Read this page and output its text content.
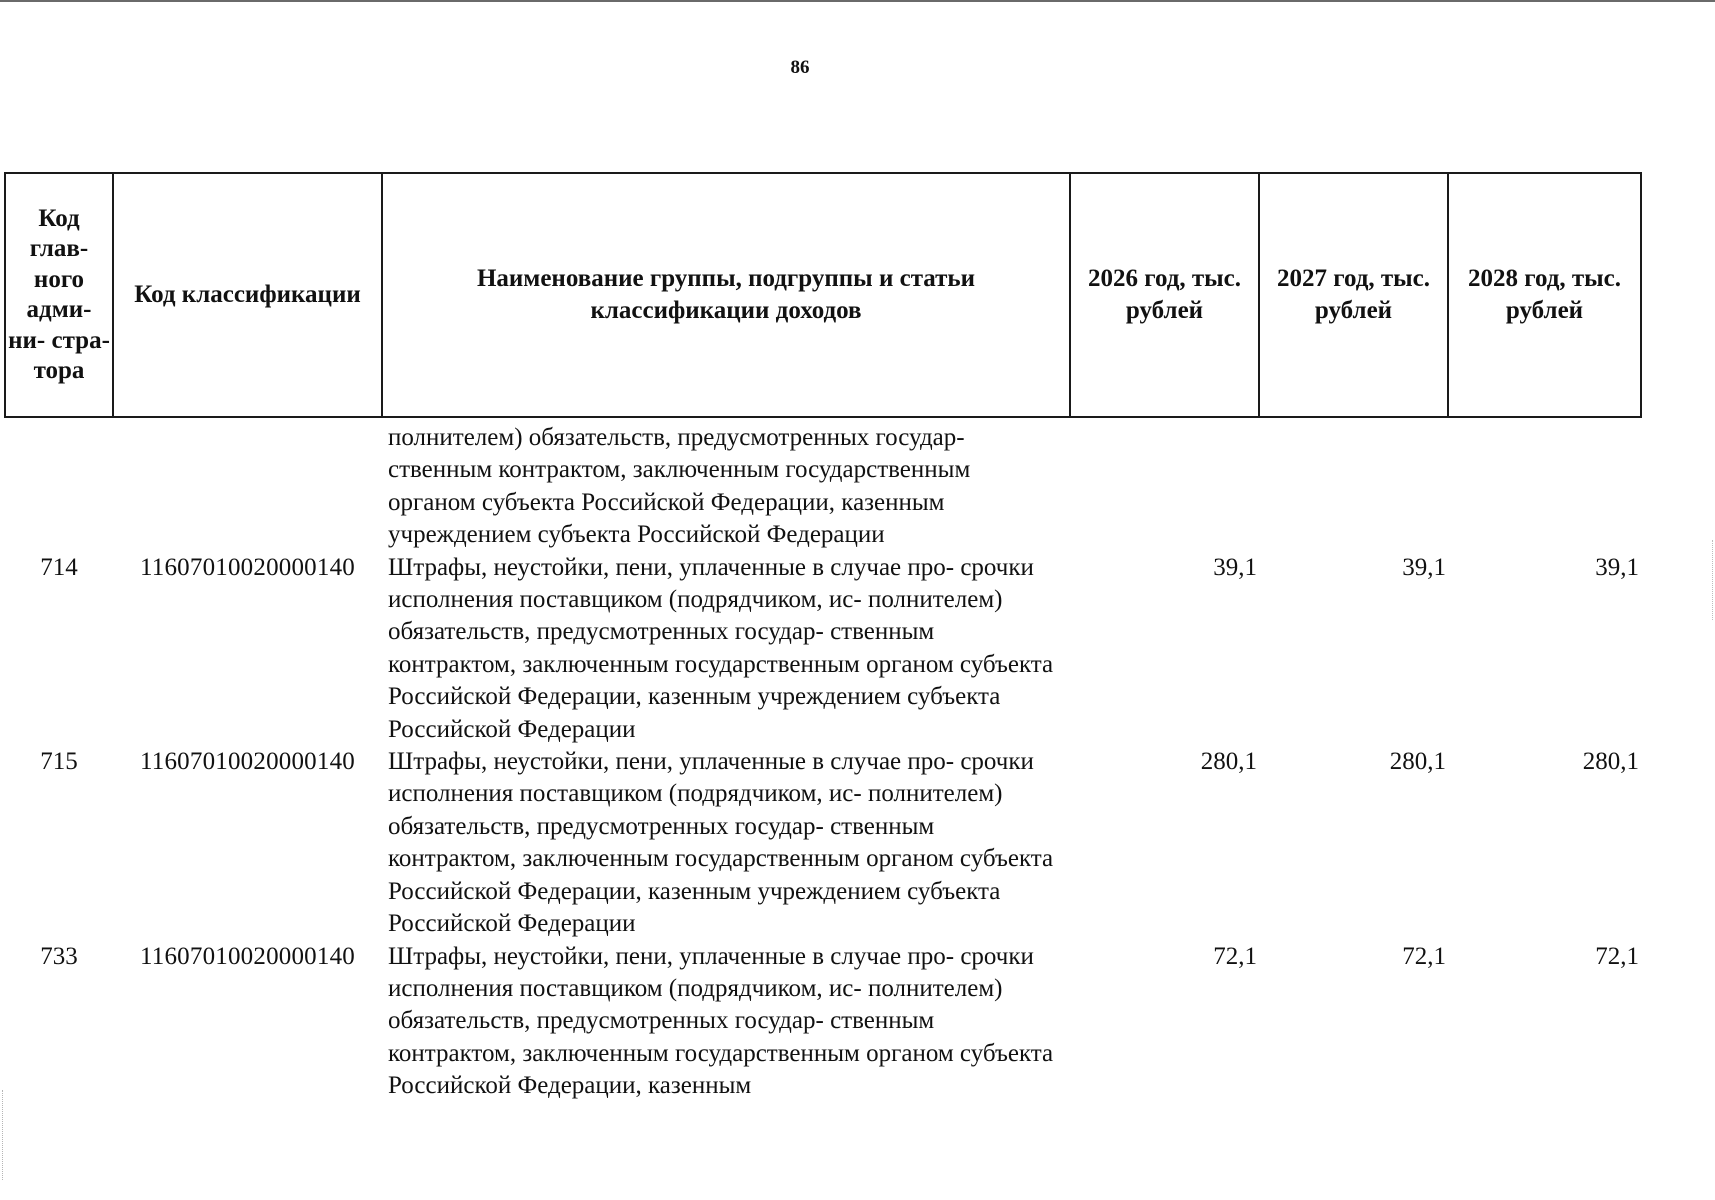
86
Код глав- ного адми- ни- стра- тора	Код классификации	Наименование группы, подгруппы и статьи классификации доходов	2026 год, тыс. рублей	2027 год, тыс. рублей	2028 год, тыс. рублей
		полнителем) обязательств, предусмотренных государ- ственным контрактом, заключенным государственным органом субъекта Российской Федерации, казенным учреждением субъекта Российской Федерации			
714	11607010020000140	Штрафы, неустойки, пени, уплаченные в случае про- срочки исполнения поставщиком (подрядчиком, ис- полнителем) обязательств, предусмотренных государ- ственным контрактом, заключенным государственным органом субъекта Российской Федерации, казенным учреждением субъекта Российской Федерации	39,1	39,1	39,1
715	11607010020000140	Штрафы, неустойки, пени, уплаченные в случае про- срочки исполнения поставщиком (подрядчиком, ис- полнителем) обязательств, предусмотренных государ- ственным контрактом, заключенным государственным органом субъекта Российской Федерации, казенным учреждением субъекта Российской Федерации	280,1	280,1	280,1
733	11607010020000140	Штрафы, неустойки, пени, уплаченные в случае про- срочки исполнения поставщиком (подрядчиком, ис- полнителем) обязательств, предусмотренных государ- ственным контрактом, заключенным государственным органом субъекта Российской Федерации, казенным	72,1	72,1	72,1
